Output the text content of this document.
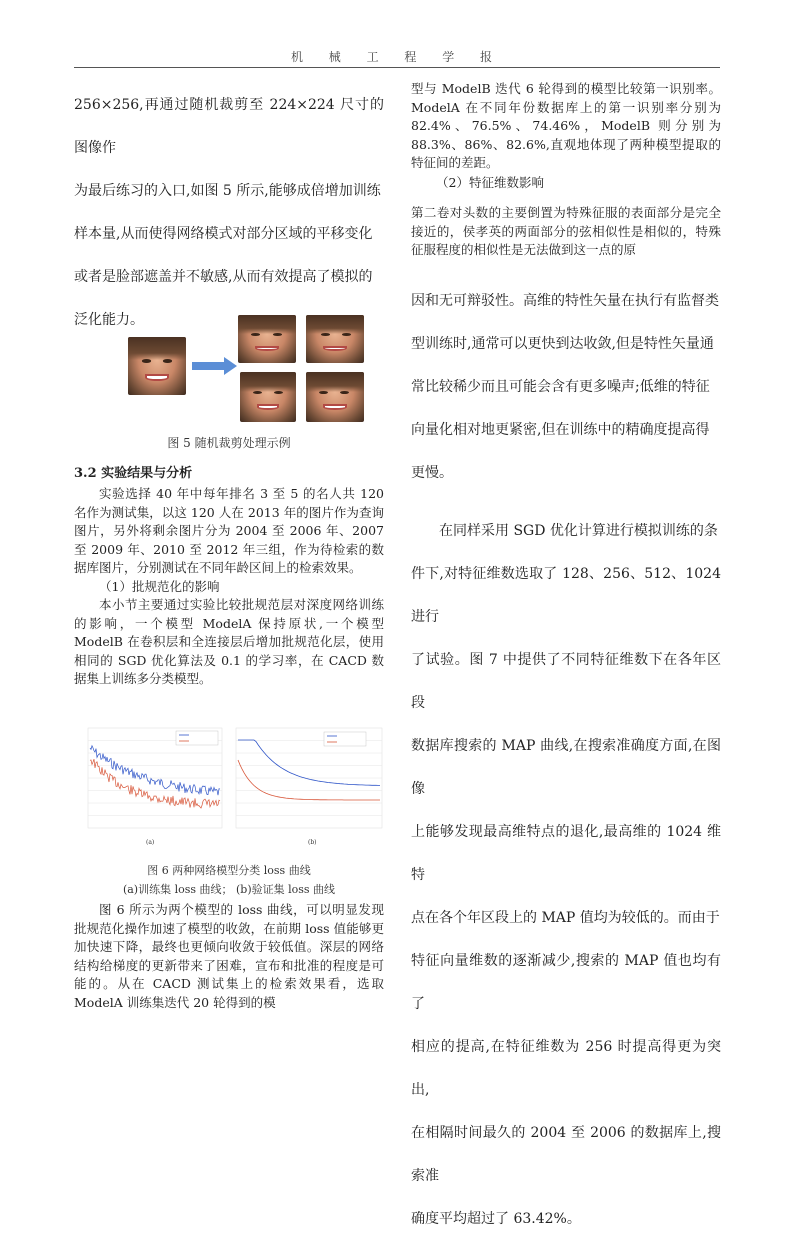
机 械 工 程 学 报

256×256,再通过随机裁剪至 224×224 尺寸的图像作

为最后练习的入口,如图 5 所示,能够成倍增加训练

样本量,从而使得网络模式对部分区域的平移变化

或者是脸部遮盖并不敏感,从而有效提高了模拟的

泛化能力。

图 5 随机裁剪处理示例
3.2 实验结果与分析

实验选择 40 年中每年排名 3 至 5 的名人共 120 名作为测试集，以这 120 人在 2013 年的图片作为查询图片，另外将剩余图片分为 2004 至 2006 年、2007 至 2009 年、2010 至 2012 年三组，作为待检索的数据库图片，分别测试在不同年龄区间上的检索效果。

（1）批规范化的影响

本小节主要通过实验比较批规范层对深度网络训练的影响，一个模型 ModelA 保持原状,一个模型 ModelB 在卷积层和全连接层后增加批规范化层，使用相同的 SGD 优化算法及 0.1 的学习率，在 CACD 数据集上训练多分类模型。

(a)	(b)
图 6 两种网络模型分类 loss 曲线
(a)训练集 loss 曲线； (b)验证集 loss 曲线

图 6 所示为两个模型的 loss 曲线，可以明显发现批规范化操作加速了模型的收敛，在前期 loss 值能够更加快速下降，最终也更倾向收敛于较低值。深层的网络结构给梯度的更新带来了困难，宣布和批准的程度是可能的。从在 CACD 测试集上的检索效果看，选取 ModelA 训练集迭代 20 轮得到的模

型与 ModelB 迭代 6 轮得到的模型比较第一识别率。ModelA 在不同年份数据库上的第一识别率分别为 82.4%、76.5%、74.46%，ModelB 则分别为 88.3%、86%、82.6%,直观地体现了两种模型提取的特征间的差距。

（2）特征维数影响

第二卷对头数的主要倒置为特殊征服的表面部分是完全接近的，侯孝英的两面部分的弦相似性是相似的，特殊征服程度的相似性是无法做到这一点的原

因和无可辩驳性。高维的特性矢量在执行有监督类

型训练时,通常可以更快到达收敛,但是特性矢量通

常比较稀少而且可能会含有更多噪声;低维的特征

向量化相对地更紧密,但在训练中的精确度提高得

更慢。

在同样采用 SGD 优化计算进行模拟训练的条

件下,对特征维数选取了 128、256、512、1024 进行

了试验。图 7 中提供了不同特征维数下在各年区段

数据库搜索的 MAP 曲线,在搜索准确度方面,在图像

上能够发现最高维特点的退化,最高维的 1024 维特

点在各个年区段上的 MAP 值均为较低的。而由于

特征向量维数的逐渐减少,搜索的 MAP 值也均有了

相应的提高,在特征维数为 256 时提高得更为突出,

在相隔时间最久的 2004 至 2006 的数据库上,搜索准

确度平均超过了 63.42%。
